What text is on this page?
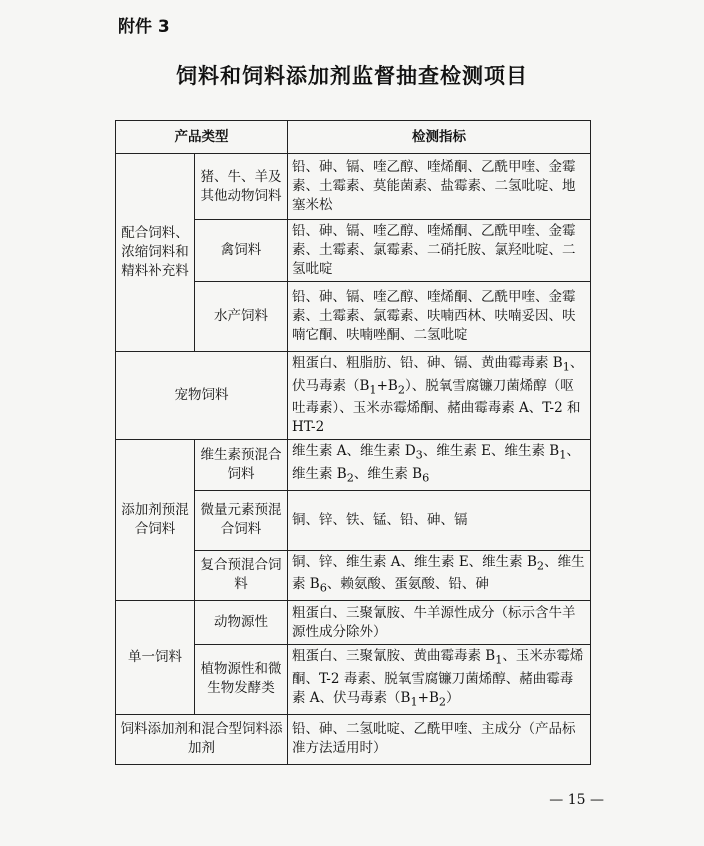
附件 3
饲料和饲料添加剂监督抽查检测项目
产品类型		检测指标
配合饲料、浓缩饲料和精料补充料	猪、牛、羊及其他动物饲料	铅、砷、镉、喹乙醇、喹烯酮、乙酰甲喹、金霉素、土霉素、莫能菌素、盐霉素、二氢吡啶、地塞米松
	禽饲料	铅、砷、镉、喹乙醇、喹烯酮、乙酰甲喹、金霉素、土霉素、氯霉素、二硝托胺、氯羟吡啶、二氢吡啶
	水产饲料	铅、砷、镉、喹乙醇、喹烯酮、乙酰甲喹、金霉素、土霉素、氯霉素、呋喃西林、呋喃妥因、呋喃它酮、呋喃唑酮、二氢吡啶
宠物饲料		粗蛋白、粗脂肪、铅、砷、镉、黄曲霉毒素 $B_1$、伏马毒素$(B_1+B_2)$、脱氧雪腐镰刀菌烯醇（呕吐毒素）、玉米赤霉烯酮、赭曲霉毒素 A、T-2 和 HT-2
添加剂预混合饲料	维生素预混合饲料	维生素 A、维生素 $D_3$、维生素 E、维生素 $B_1$、维生素 $B_2$、维生素 $B_6$
	微量元素预混合饲料	铜、锌、铁、锰、铅、砷、镉
	复合预混合饲料	铜、锌、维生素 A、维生素 E、维生素 $B_2$、维生素 $B_6$、赖氨酸、蛋氨酸、铅、砷
单一饲料	动物源性	粗蛋白、三聚氰胺、牛羊源性成分（标示含牛羊源性成分除外）
	植物源性和微生物发酵类	粗蛋白、三聚氰胺、黄曲霉毒素 $B_1$、玉米赤霉烯酮、T-2 毒素、脱氧雪腐镰刀菌烯醇、赭曲霉毒素 A、伏马毒素$(B_1+B_2)$
饲料添加剂和混合型饲料添加剂		铅、砷、二氢吡啶、乙酰甲喹、主成分（产品标准方法适用时）
— 15 —
